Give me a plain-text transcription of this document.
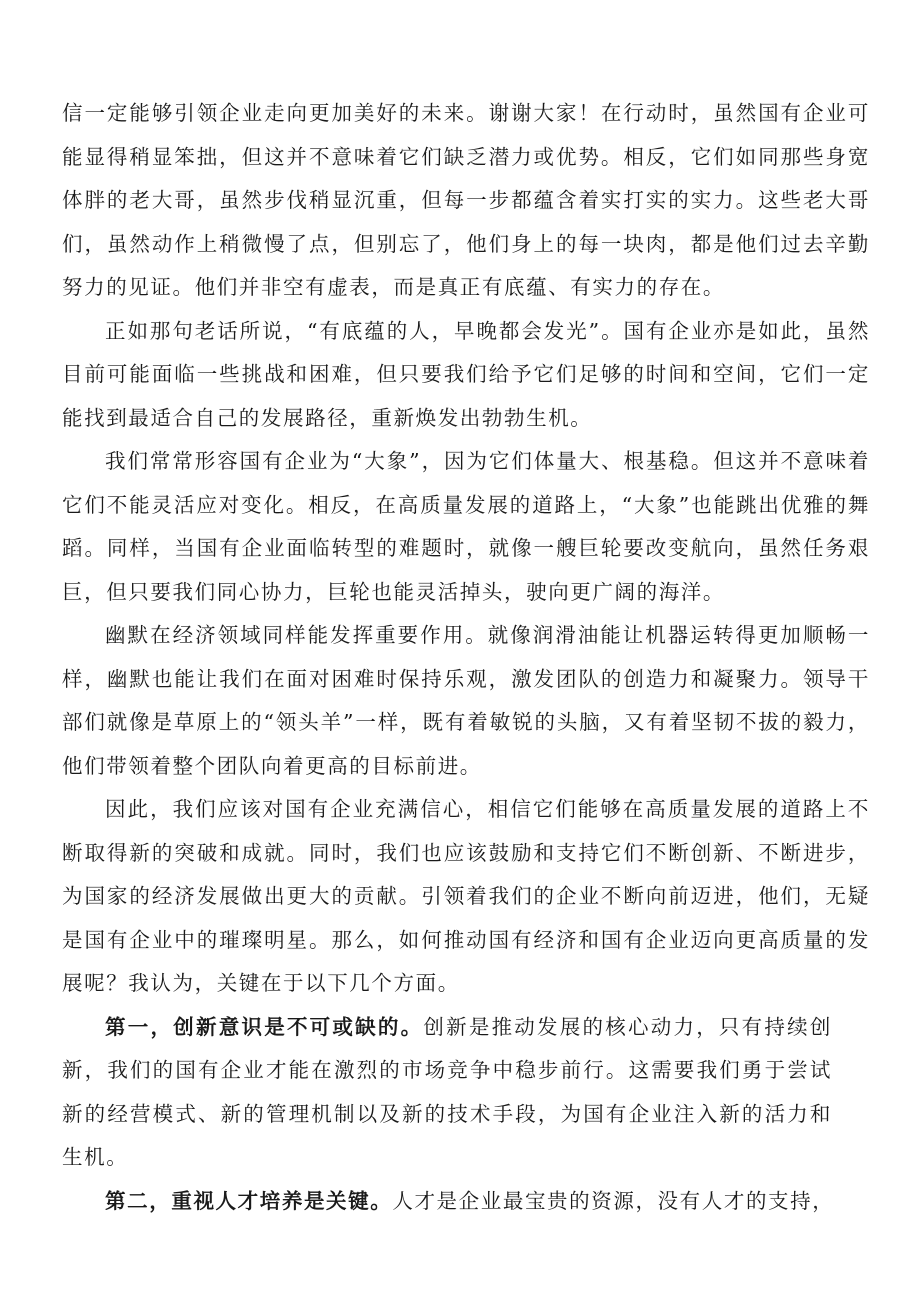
信一定能够引领企业走向更加美好的未来。谢谢大家！在行动时，虽然国有企业可能显得稍显笨拙，但这并不意味着它们缺乏潜力或优势。相反，它们如同那些身宽体胖的老大哥，虽然步伐稍显沉重，但每一步都蕴含着实打实的实力。这些老大哥们，虽然动作上稍微慢了点，但别忘了，他们身上的每一块肉，都是他们过去辛勤努力的见证。他们并非空有虚表，而是真正有底蕴、有实力的存在。

正如那句老话所说，“有底蕴的人，早晚都会发光”。国有企业亦是如此，虽然目前可能面临一些挑战和困难，但只要我们给予它们足够的时间和空间，它们一定能找到最适合自己的发展路径，重新焕发出勃勃生机。

我们常常形容国有企业为“大象”，因为它们体量大、根基稳。但这并不意味着它们不能灵活应对变化。相反，在高质量发展的道路上，“大象”也能跳出优雅的舞蹈。同样，当国有企业面临转型的难题时，就像一艘巨轮要改变航向，虽然任务艰巨，但只要我们同心协力，巨轮也能灵活掉头，驶向更广阔的海洋。

幽默在经济领域同样能发挥重要作用。就像润滑油能让机器运转得更加顺畅一样，幽默也能让我们在面对困难时保持乐观，激发团队的创造力和凝聚力。领导干部们就像是草原上的“领头羊”一样，既有着敏锐的头脑，又有着坚韧不拔的毅力，他们带领着整个团队向着更高的目标前进。

因此，我们应该对国有企业充满信心，相信它们能够在高质量发展的道路上不断取得新的突破和成就。同时，我们也应该鼓励和支持它们不断创新、不断进步，为国家的经济发展做出更大的贡献。引领着我们的企业不断向前迈进，他们，无疑是国有企业中的璀璨明星。那么，如何推动国有经济和国有企业迈向更高质量的发展呢？我认为，关键在于以下几个方面。

第一，创新意识是不可或缺的。创新是推动发展的核心动力，只有持续创新，我们的国有企业才能在激烈的市场竞争中稳步前行。这需要我们勇于尝试新的经营模式、新的管理机制以及新的技术手段，为国有企业注入新的活力和生机。

第二，重视人才培养是关键。人才是企业最宝贵的资源，没有人才的支持，
